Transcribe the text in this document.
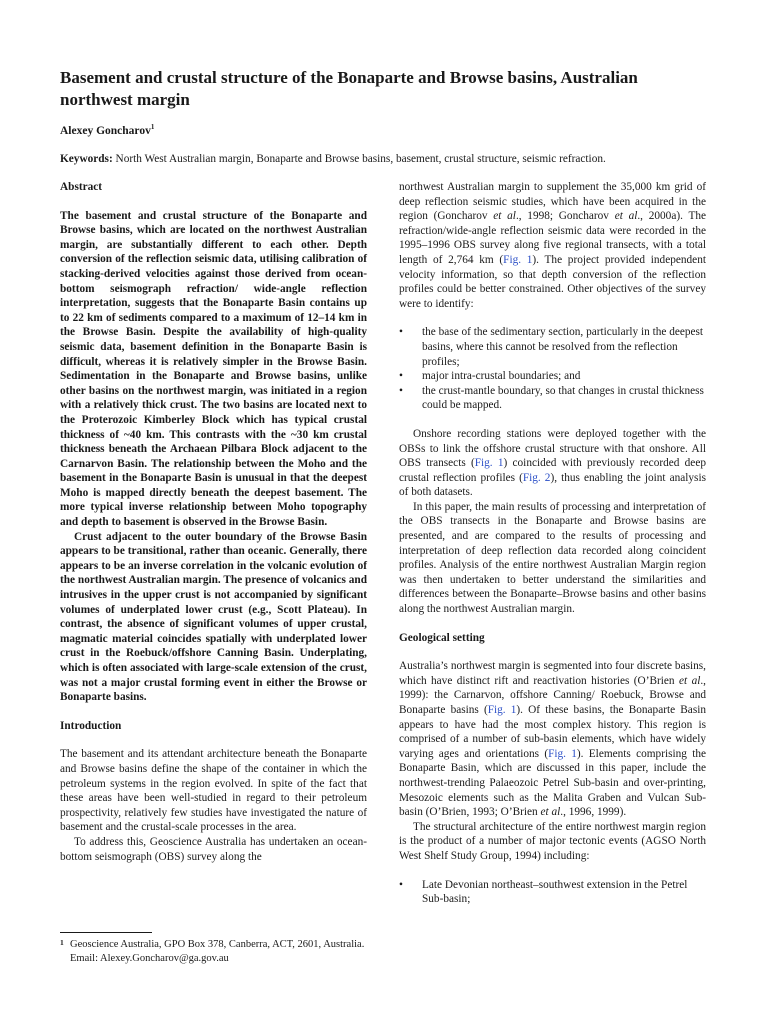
Basement and crustal structure of the Bonaparte and Browse basins, Australian northwest margin
Alexey Goncharov$^1$
Keywords: North West Australian margin, Bonaparte and Browse basins, basement, crustal structure, seismic refraction.

Abstract

The basement and crustal structure of the Bonaparte and Browse basins, which are located on the northwest Australian margin, are substantially different to each other. Depth conversion of the reflection seismic data, utilising calibration of stacking-derived velocities against those derived from ocean-bottom seismograph refraction/ wide-angle reflection interpretation, suggests that the Bonaparte Basin contains up to 22 km of sediments compared to a maximum of 12–14 km in the Browse Basin. Despite the availability of high-quality seismic data, basement definition in the Bonaparte Basin is difficult, whereas it is relatively simpler in the Browse Basin. Sedimentation in the Bonaparte and Browse basins, unlike other basins on the northwest margin, was initiated in a region with a relatively thick crust. The two basins are located next to the Proterozoic Kimberley Block which has typical crustal thickness of ~40 km. This contrasts with the ~30 km crustal thickness beneath the Archaean Pilbara Block adjacent to the Carnarvon Basin. The relationship between the Moho and the basement in the Bonaparte Basin is unusual in that the deepest Moho is mapped directly beneath the deepest basement. The more typical inverse relationship between Moho topography and depth to basement is observed in the Browse Basin.

Crust adjacent to the outer boundary of the Browse Basin appears to be transitional, rather than oceanic. Generally, there appears to be an inverse correlation in the volcanic evolution of the northwest Australian margin. The presence of volcanics and intrusives in the upper crust is not accompanied by significant volumes of underplated lower crust (e.g., Scott Plateau). In contrast, the absence of significant volumes of upper crustal, magmatic material coincides spatially with underplated lower crust in the Roebuck/offshore Canning Basin. Underplating, which is often associated with large-scale extension of the crust, was not a major crustal forming event in either the Browse or Bonaparte basins.

Introduction

The basement and its attendant architecture beneath the Bonaparte and Browse basins define the shape of the container in which the petroleum systems in the region evolved. In spite of the fact that these areas have been well-studied in regard to their petroleum prospectivity, relatively few studies have investigated the nature of basement and the crustal-scale processes in the area.

To address this, Geoscience Australia has undertaken an ocean-bottom seismograph (OBS) survey along the

northwest Australian margin to supplement the 35,000 km grid of deep reflection seismic studies, which have been acquired in the region (Goncharov et al., 1998; Goncharov et al., 2000a). The refraction/wide-angle reflection seismic data were recorded in the 1995–1996 OBS survey along five regional transects, with a total length of 2,764 km (Fig. 1). The project provided independent velocity information, so that depth conversion of the reflection profiles could be better constrained. Other objectives of the survey were to identify:

• the base of the sedimentary section, particularly in the deepest basins, where this cannot be resolved from the reflection profiles;
• major intra-crustal boundaries; and
• the crust-mantle boundary, so that changes in crustal thickness could be mapped.

Onshore recording stations were deployed together with the OBSs to link the offshore crustal structure with that onshore. All OBS transects (Fig. 1) coincided with previously recorded deep crustal reflection profiles (Fig. 2), thus enabling the joint analysis of both datasets.

In this paper, the main results of processing and interpretation of the OBS transects in the Bonaparte and Browse basins are presented, and are compared to the results of processing and interpretation of deep reflection data recorded along coincident profiles. Analysis of the entire northwest Australian Margin region was then undertaken to better understand the similarities and differences between the Bonaparte–Browse basins and other basins along the northwest Australian margin.

Geological setting

Australia’s northwest margin is segmented into four discrete basins, which have distinct rift and reactivation histories (O’Brien et al., 1999): the Carnarvon, offshore Canning/ Roebuck, Browse and Bonaparte basins (Fig. 1). Of these basins, the Bonaparte Basin appears to have had the most complex history. This region is comprised of a number of sub-basin elements, which have widely varying ages and orientations (Fig. 1). Elements comprising the Bonaparte Basin, which are discussed in this paper, include the northwest-trending Palaeozoic Petrel Sub-basin and over-printing, Mesozoic elements such as the Malita Graben and Vulcan Sub-basin (O’Brien, 1993; O’Brien et al., 1996, 1999).

The structural architecture of the entire northwest margin region is the product of a number of major tectonic events (AGSO North West Shelf Study Group, 1994) including:

• Late Devonian northeast–southwest extension in the Petrel Sub-basin;
1 Geoscience Australia, GPO Box 378, Canberra, ACT, 2601, Australia. Email: Alexey.Goncharov@ga.gov.au
